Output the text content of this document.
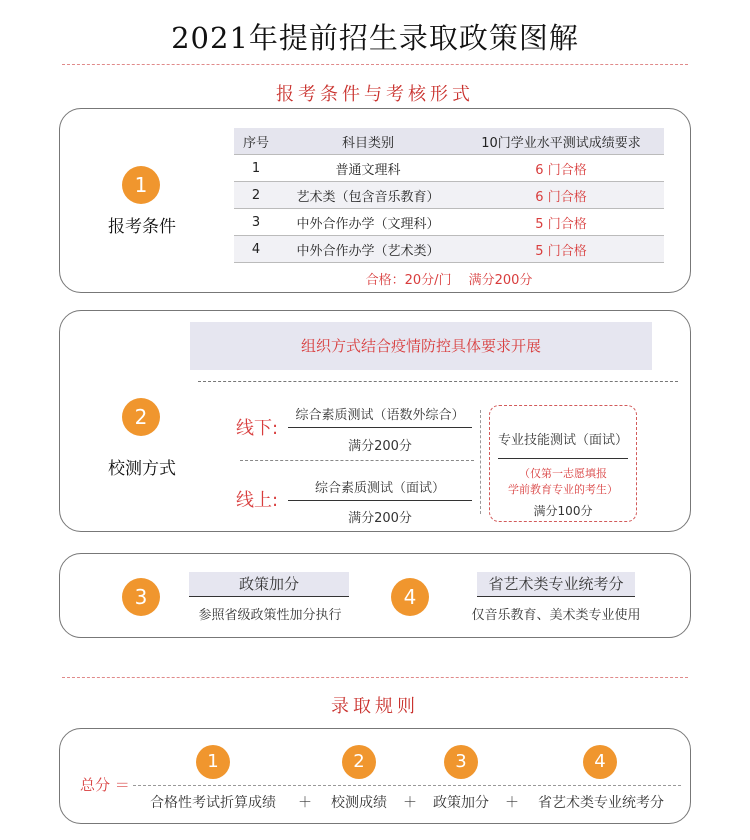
2021年提前招生录取政策图解
报考条件与考核形式
1
报考条件
序号	科目类别	10门学业水平测试成绩要求
1	普通文理科	6 门合格
2	艺术类（包含音乐教育）	6 门合格
3	中外合作办学（文理科）	5 门合格
4	中外合作办学（艺术类）	5 门合格
合格：20分/门　 满分200分
2
校测方式
组织方式结合疫情防控具体要求开展
线下:
综合素质测试（语数外综合）
满分200分
线上:
综合素质测试（面试）
满分200分
专业技能测试（面试）
（仅第一志愿填报
学前教育专业的考生）
满分100分
3
政策加分
参照省级政策性加分执行
4
省艺术类专业统考分
仅音乐教育、美术类专业使用
录取规则
总分 ＝
1	2	3	4
合格性考试折算成绩	＋	校测成绩	＋	政策加分	＋	省艺术类专业统考分
